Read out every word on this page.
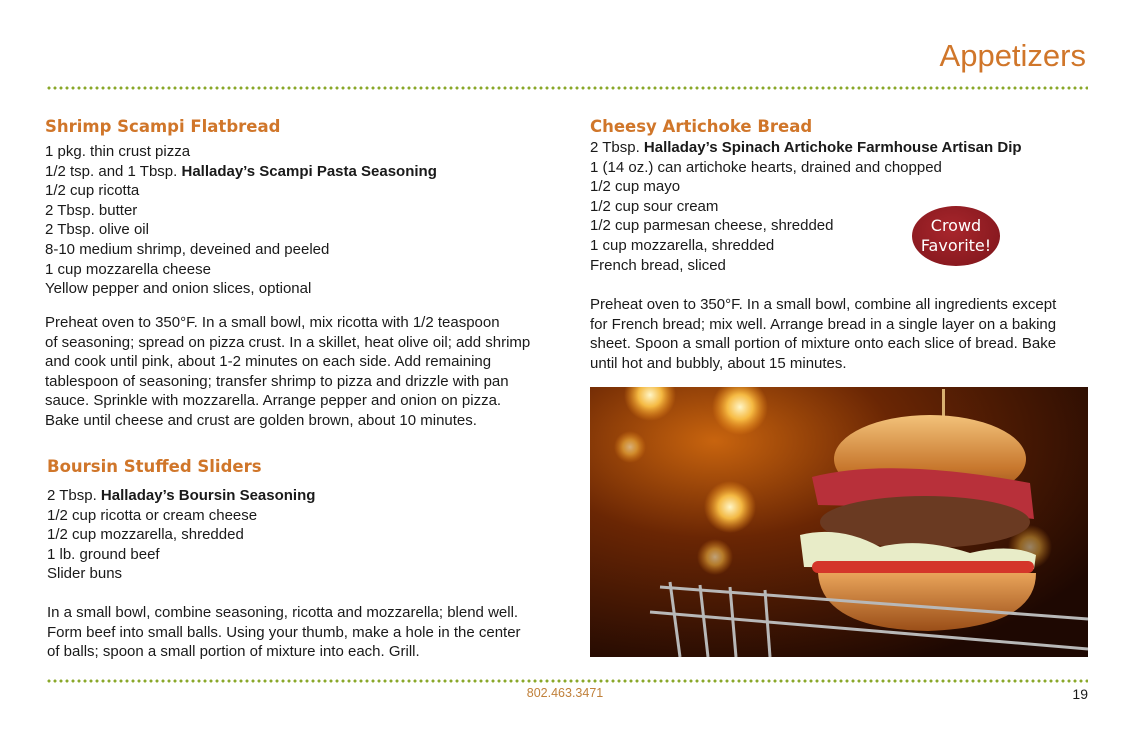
Appetizers
Shrimp Scampi Flatbread
1 pkg. thin crust pizza
1/2 tsp. and 1 Tbsp. Halladay’s Scampi Pasta Seasoning
1/2 cup ricotta
2 Tbsp. butter
2 Tbsp. olive oil
8-10 medium shrimp, deveined and peeled
1 cup mozzarella cheese
Yellow pepper and onion slices, optional
Preheat oven to 350°F. In a small bowl, mix ricotta with 1/2 teaspoon
of seasoning; spread on pizza crust. In a skillet, heat olive oil; add shrimp
and cook until pink, about 1-2 minutes on each side. Add remaining
tablespoon of seasoning; transfer shrimp to pizza and drizzle with pan
sauce. Sprinkle with mozzarella. Arrange pepper and onion on pizza.
Bake until cheese and crust are golden brown, about 10 minutes.
Boursin Stuffed Sliders
2 Tbsp. Halladay’s Boursin Seasoning
1/2 cup ricotta or cream cheese
1/2 cup mozzarella, shredded
1 lb. ground beef
Slider buns
In a small bowl, combine seasoning, ricotta and mozzarella; blend well.
Form beef into small balls. Using your thumb, make a hole in the center
of balls; spoon a small portion of mixture into each. Grill.
Cheesy Artichoke Bread
2 Tbsp. Halladay’s Spinach Artichoke Farmhouse Artisan Dip
1 (14 oz.) can artichoke hearts, drained and chopped
1/2 cup mayo
1/2 cup sour cream
1/2 cup parmesan cheese, shredded
1 cup mozzarella, shredded
French bread, sliced
Preheat oven to 350°F. In a small bowl, combine all ingredients except
for French bread; mix well. Arrange bread in a single layer on a baking
sheet. Spoon a small portion of mixture onto each slice of bread. Bake
until hot and bubbly, about 15 minutes.
Crowd
Favorite!
802.463.3471	19
